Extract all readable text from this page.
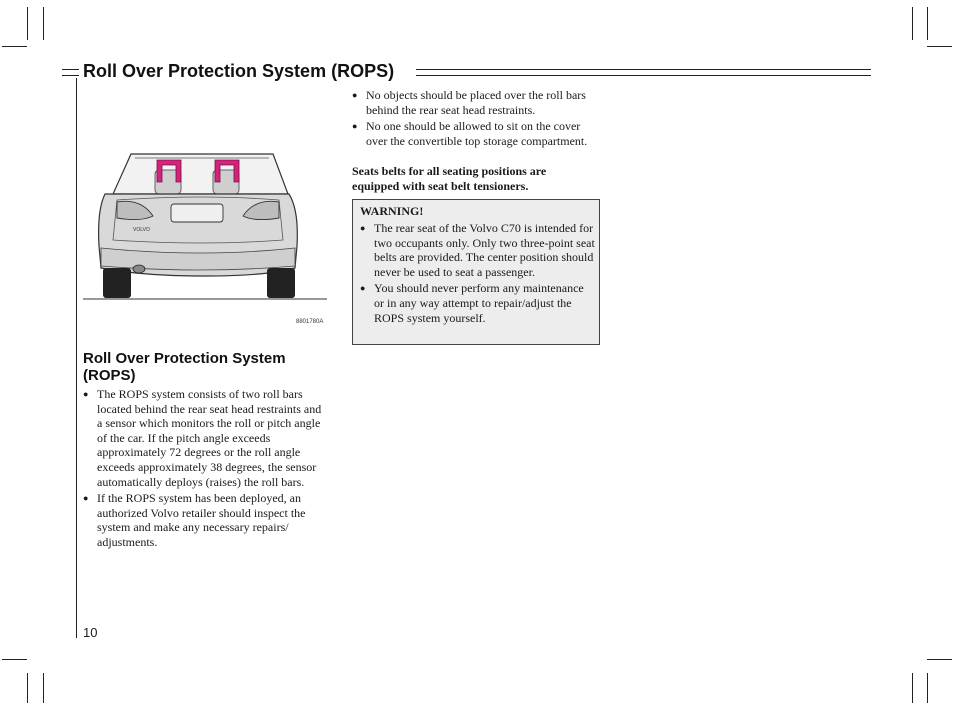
Roll Over Protection System (ROPS)
VOLVO
8801780A
Roll Over Protection System (ROPS)
● The ROPS system consists of two roll bars located behind the rear seat head restraints and a sensor which monitors the roll or pitch angle of the car. If the pitch angle exceeds approximately 72 degrees or the roll angle exceeds approximately 38 degrees, the sensor automatically deploys (raises) the roll bars.
● If the ROPS system has been deployed, an authorized Volvo retailer should inspect the system and make any necessary repairs/ adjustments.
● No objects should be placed over the roll bars behind the rear seat head restraints.
● No one should be allowed to sit on the cover over the convertible top storage compartment.
Seats belts for all seating positions are equipped with seat belt tensioners.
WARNING!
● The rear seat of the Volvo C70 is intended for two occupants only. Only two three-point seat belts are provided. The center position should never be used to seat a passenger.
● You should never perform any maintenance or in any way attempt to repair/adjust the ROPS system yourself.
10
